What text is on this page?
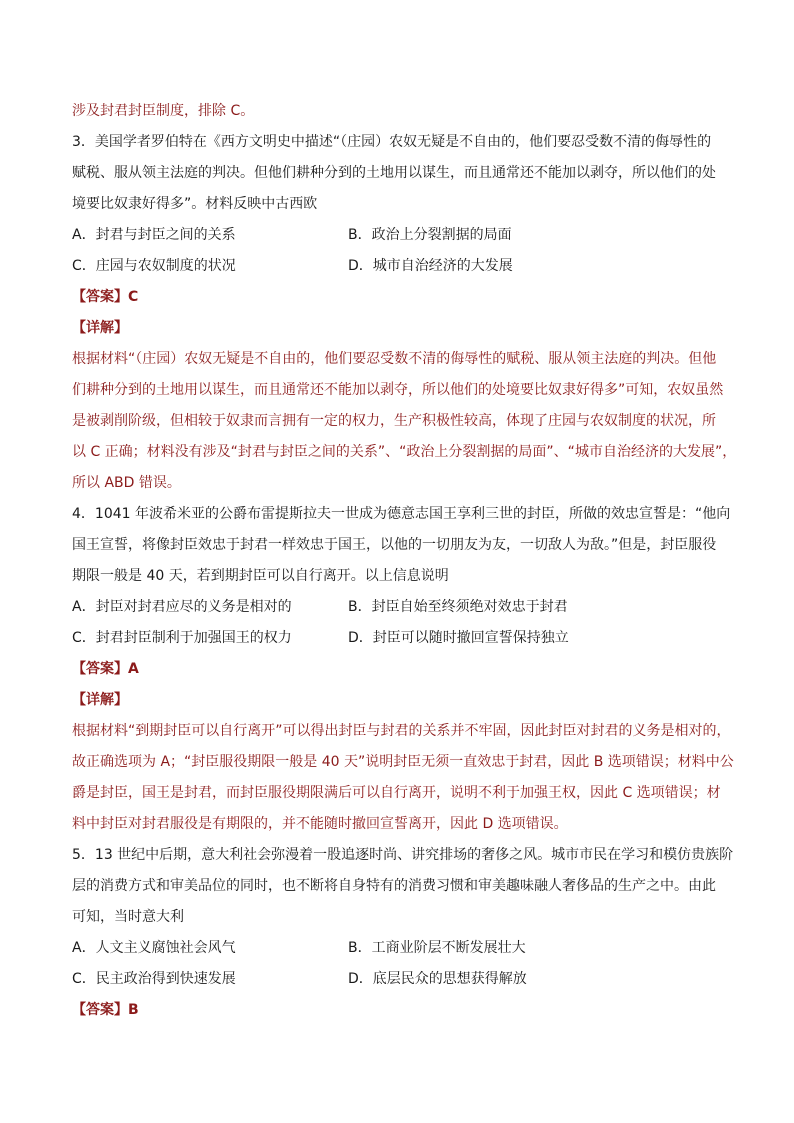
涉及封君封臣制度，排除 C。
3．美国学者罗伯特在《西方文明史中描述“（庄园）农奴无疑是不自由的，他们要忍受数不清的侮辱性的
赋税、服从领主法庭的判决。但他们耕种分到的土地用以谋生，而且通常还不能加以剥夺，所以他们的处
境要比奴隶好得多”。材料反映中古西欧
A．封君与封臣之间的关系	B．政治上分裂割据的局面
C．庄园与农奴制度的状况	D．城市自治经济的大发展
【答案】C
【详解】
根据材料“（庄园）农奴无疑是不自由的，他们要忍受数不清的侮辱性的赋税、服从领主法庭的判决。但他
们耕种分到的土地用以谋生，而且通常还不能加以剥夺，所以他们的处境要比奴隶好得多”可知，农奴虽然
是被剥削阶级，但相较于奴隶而言拥有一定的权力，生产积极性较高，体现了庄园与农奴制度的状况，所
以 C 正确；材料没有涉及“封君与封臣之间的关系”、“政治上分裂割据的局面”、“城市自治经济的大发展”，
所以 ABD 错误。
4．1041 年波希米亚的公爵布雷提斯拉夫一世成为德意志国王享利三世的封臣，所做的效忠宣誓是：“他向
国王宣誓，将像封臣效忠于封君一样效忠于国王，以他的一切朋友为友，一切敌人为敌。”但是，封臣服役
期限一般是 40 天，若到期封臣可以自行离开。以上信息说明
A．封臣对封君应尽的义务是相对的	B．封臣自始至终须绝对效忠于封君
C．封君封臣制利于加强国王的权力	D．封臣可以随时撤回宣誓保持独立
【答案】A
【详解】
根据材料“到期封臣可以自行离开”可以得出封臣与封君的关系并不牢固，因此封臣对封君的义务是相对的，
故正确选项为 A；“封臣服役期限一般是 40 天”说明封臣无须一直效忠于封君，因此 B 选项错误；材料中公
爵是封臣，国王是封君，而封臣服役期限满后可以自行离开，说明不利于加强王权，因此 C 选项错误；材
料中封臣对封君服役是有期限的，并不能随时撤回宣誓离开，因此 D 选项错误。
5．13 世纪中后期，意大利社会弥漫着一股追逐时尚、讲究排场的奢侈之风。城市市民在学习和模仿贵族阶
层的消费方式和审美品位的同时，也不断将自身特有的消费习惯和审美趣味融人奢侈品的生产之中。由此
可知，当时意大利
A．人文主义腐蚀社会风气	B．工商业阶层不断发展壮大
C．民主政治得到快速发展	D．底层民众的思想获得解放
【答案】B
